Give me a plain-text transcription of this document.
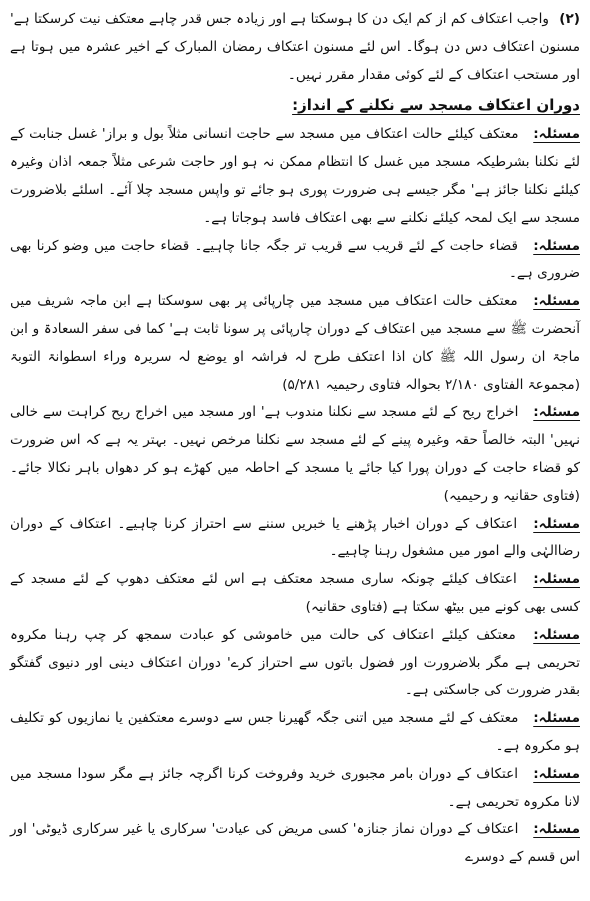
(۲) واجب اعتکاف کم از کم ایک دن کا ہوسکتا ہے اور زیادہ جس قدر چاہے معتکف نیت کرسکتا ہے' مسنون اعتکاف دس دن ہوگا۔ اس لئے مسنون اعتکاف رمضان المبارک کے اخیر عشرہ میں ہوتا ہے اور مستحب اعتکاف کے لئے کوئی مقدار مقرر نہیں۔

دوران اعتکاف مسجد سے نکلنے کے انداز:

مسئلہ: معتکف کیلئے حالت اعتکاف میں مسجد سے حاجت انسانی مثلاً بول و براز' غسل جنابت کے لئے نکلنا بشرطیکہ مسجد میں غسل کا انتظام ممکن نہ ہو اور حاجت شرعی مثلاً جمعہ اذان وغیرہ کیلئے نکلنا جائز ہے' مگر جیسے ہی ضرورت پوری ہو جائے تو واپس مسجد چلا آئے۔ اسلئے بلاضرورت مسجد سے ایک لمحہ کیلئے نکلنے سے بھی اعتکاف فاسد ہوجاتا ہے۔

مسئلہ: قضاء حاجت کے لئے قریب سے قریب تر جگہ جانا چاہیے۔ قضاء حاجت میں وضو کرنا بھی ضروری ہے۔

مسئلہ: معتکف حالت اعتکاف میں مسجد میں چارپائی پر بھی سوسکتا ہے ابن ماجہ شریف میں آنحضرت ﷺ سے مسجد میں اعتکاف کے دوران چارپائی پر سونا ثابت ہے' کما فی سفر السعادۃ و ابن ماجۃ ان رسول اللہ ﷺ کان اذا اعتکف طرح لہ فراشہ او یوضع لہ سریرہ وراء اسطوانۃ التوبۃ (مجموعۃ الفتاوی ۲/۱۸۰ بحوالہ فتاوی رحیمیہ ۵/۲۸۱)

مسئلہ: اخراج ریح کے لئے مسجد سے نکلنا مندوب ہے' اور مسجد میں اخراج ریح کراہت سے خالی نہیں' البتہ خالصاً حقہ وغیرہ پینے کے لئے مسجد سے نکلنا مرخص نہیں۔ بہتر یہ ہے کہ اس ضرورت کو قضاء حاجت کے دوران پورا کیا جائے یا مسجد کے احاطہ میں کھڑے ہو کر دھواں باہر نکالا جائے۔ (فتاوی حقانیہ و رحیمیہ)

مسئلہ: اعتکاف کے دوران اخبار پڑھنے یا خبریں سننے سے احتراز کرنا چاہیے۔ اعتکاف کے دوران رضاالہٰی والے امور میں مشغول رہنا چاہیے۔

مسئلہ: اعتکاف کیلئے چونکہ ساری مسجد معتکف ہے اس لئے معتکف دھوپ کے لئے مسجد کے کسی بھی کونے میں بیٹھ سکتا ہے (فتاوی حقانیہ)

مسئلہ: معتکف کیلئے اعتکاف کی حالت میں خاموشی کو عبادت سمجھ کر چپ رہنا مکروہ تحریمی ہے مگر بلاضرورت اور فضول باتوں سے احتراز کرے' دوران اعتکاف دینی اور دنیوی گفتگو بقدر ضرورت کی جاسکتی ہے۔

مسئلہ: معتکف کے لئے مسجد میں اتنی جگہ گھیرنا جس سے دوسرے معتکفین یا نمازیوں کو تکلیف ہو مکروہ ہے۔

مسئلہ: اعتکاف کے دوران بامر مجبوری خرید وفروخت کرنا اگرچہ جائز ہے مگر سودا مسجد میں لانا مکروہ تحریمی ہے۔

مسئلہ: اعتکاف کے دوران نماز جنازہ' کسی مریض کی عیادت' سرکاری یا غیر سرکاری ڈیوٹی' اور اس قسم کے دوسرے
